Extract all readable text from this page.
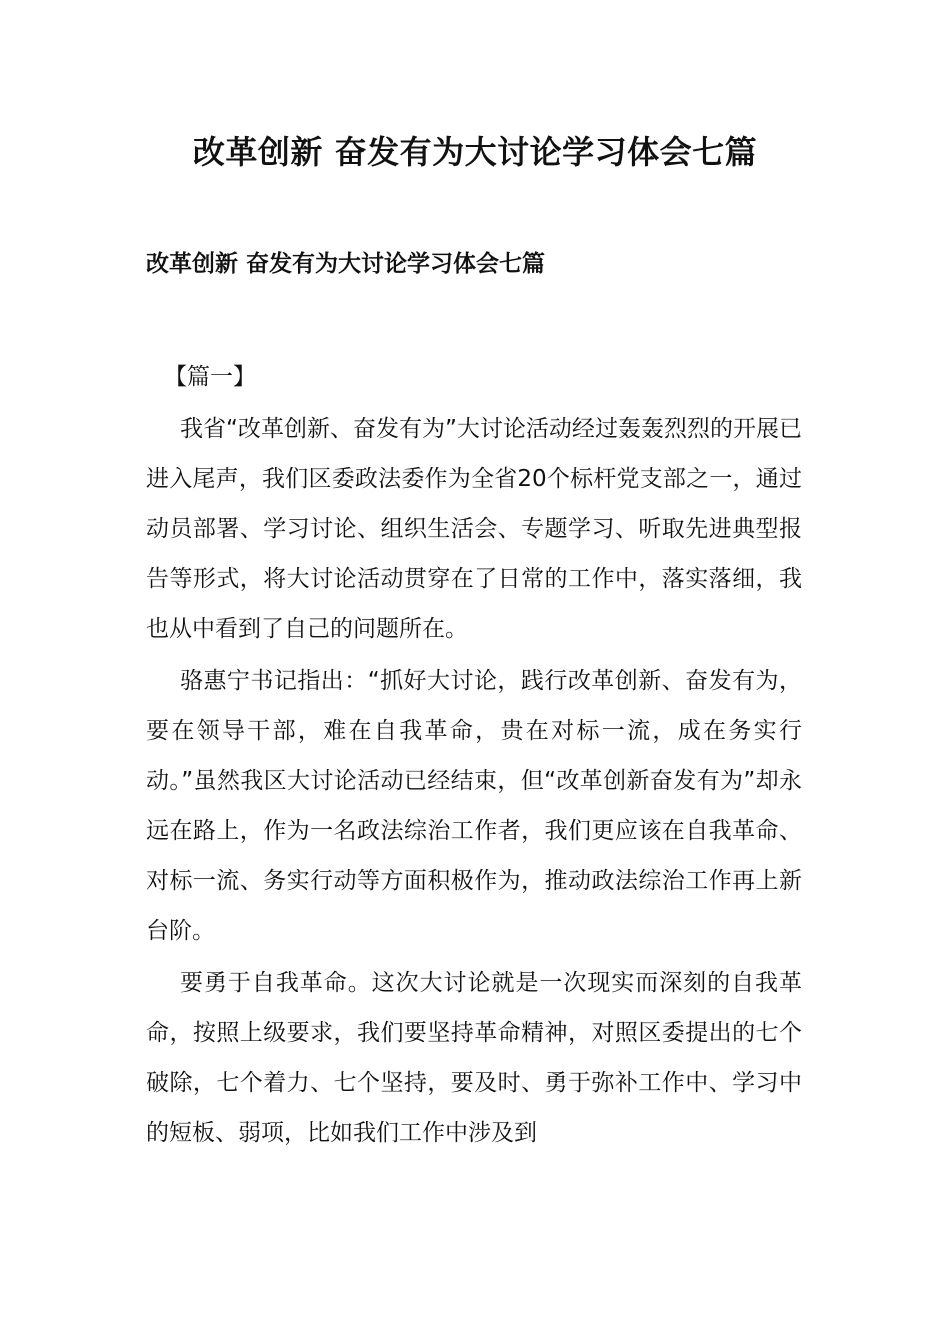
改革创新 奋发有为大讨论学习体会七篇
改革创新 奋发有为大讨论学习体会七篇

【篇一】

我省“改革创新、奋发有为”大讨论活动经过轰轰烈烈的开展已进入尾声，我们区委政法委作为全省20个标杆党支部之一，通过动员部署、学习讨论、组织生活会、专题学习、听取先进典型报告等形式，将大讨论活动贯穿在了日常的工作中，落实落细，我也从中看到了自己的问题所在。

骆惠宁书记指出：“抓好大讨论，践行改革创新、奋发有为，要在领导干部，难在自我革命，贵在对标一流，成在务实行动。”虽然我区大讨论活动已经结束，但“改革创新奋发有为”却永远在路上，作为一名政法综治工作者，我们更应该在自我革命、对标一流、务实行动等方面积极作为，推动政法综治工作再上新台阶。

要勇于自我革命。这次大讨论就是一次现实而深刻的自我革命，按照上级要求，我们要坚持革命精神，对照区委提出的七个破除，七个着力、七个坚持，要及时、勇于弥补工作中、学习中的短板、弱项，比如我们工作中涉及到
